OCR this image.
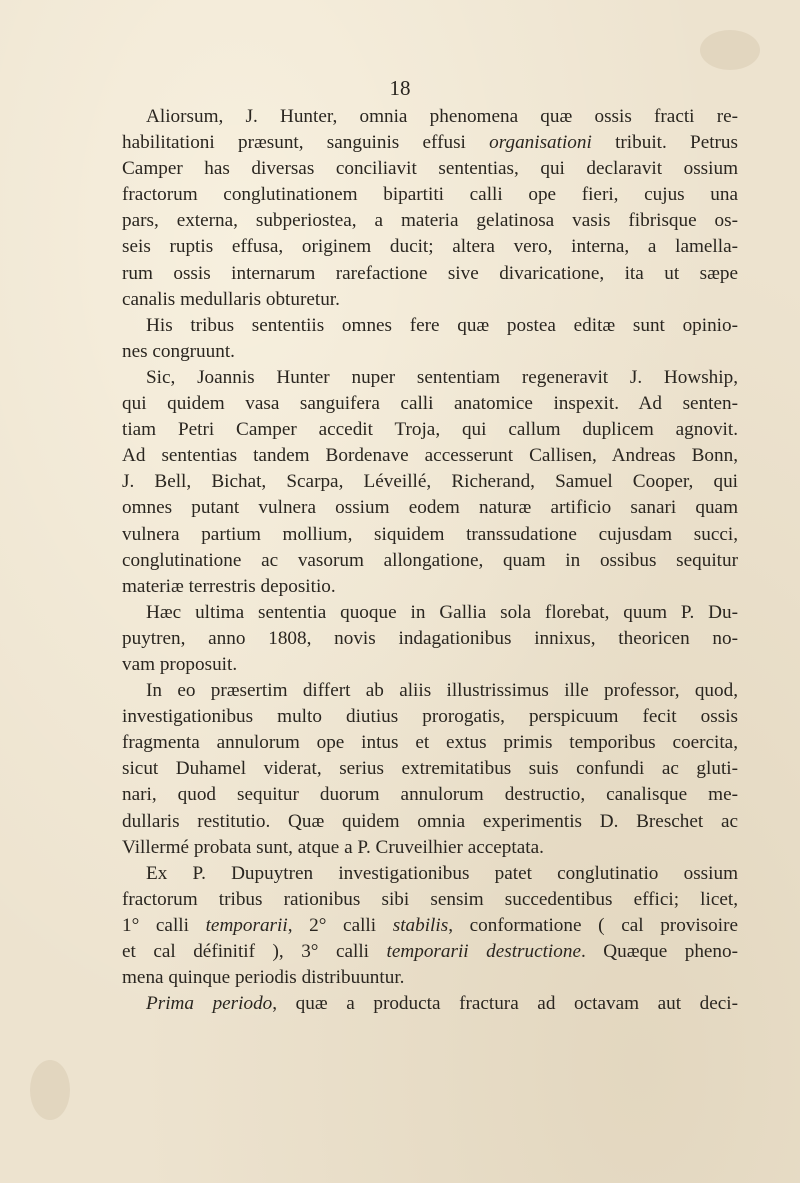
18
Aliorsum, J. Hunter, omnia phenomena quæ ossis fracti re-
habilitationi præsunt, sanguinis effusi organisationi tribuit. Petrus
Camper has diversas conciliavit sententias, qui declaravit ossium
fractorum conglutinationem bipartiti calli ope fieri, cujus una
pars, externa, subperiostea, a materia gelatinosa vasis fibrisque os-
seis ruptis effusa, originem ducit; altera vero, interna, a lamella-
rum ossis internarum rarefactione sive divaricatione, ita ut sæpe
canalis medullaris obturetur.
His tribus sententiis omnes fere quæ postea editæ sunt opinio-
nes congruunt.
Sic, Joannis Hunter nuper sententiam regeneravit J. Howship,
qui quidem vasa sanguifera calli anatomice inspexit. Ad senten-
tiam Petri Camper accedit Troja, qui callum duplicem agnovit.
Ad sententias tandem Bordenave accesserunt Callisen, Andreas Bonn,
J. Bell, Bichat, Scarpa, Léveillé, Richerand, Samuel Cooper, qui
omnes putant vulnera ossium eodem naturæ artificio sanari quam
vulnera partium mollium, siquidem transsudatione cujusdam succi,
conglutinatione ac vasorum allongatione, quam in ossibus sequitur
materiæ terrestris depositio.
Hæc ultima sententia quoque in Gallia sola florebat, quum P. Du-
puytren, anno 1808, novis indagationibus innixus, theoricen no-
vam proposuit.
In eo præsertim differt ab aliis illustrissimus ille professor, quod,
investigationibus multo diutius prorogatis, perspicuum fecit ossis
fragmenta annulorum ope intus et extus primis temporibus coercita,
sicut Duhamel viderat, serius extremitatibus suis confundi ac gluti-
nari, quod sequitur duorum annulorum destructio, canalisque me-
dullaris restitutio. Quæ quidem omnia experimentis D. Breschet ac
Villermé probata sunt, atque a P. Cruveilhier acceptata.
Ex P. Dupuytren investigationibus patet conglutinatio ossium
fractorum tribus rationibus sibi sensim succedentibus effici; licet,
1° calli temporarii, 2° calli stabilis, conformatione ( cal provisoire
et cal définitif ), 3° calli temporarii destructione. Quæque pheno-
mena quinque periodis distribuuntur.
Prima periodo, quæ a producta fractura ad octavam aut deci-
